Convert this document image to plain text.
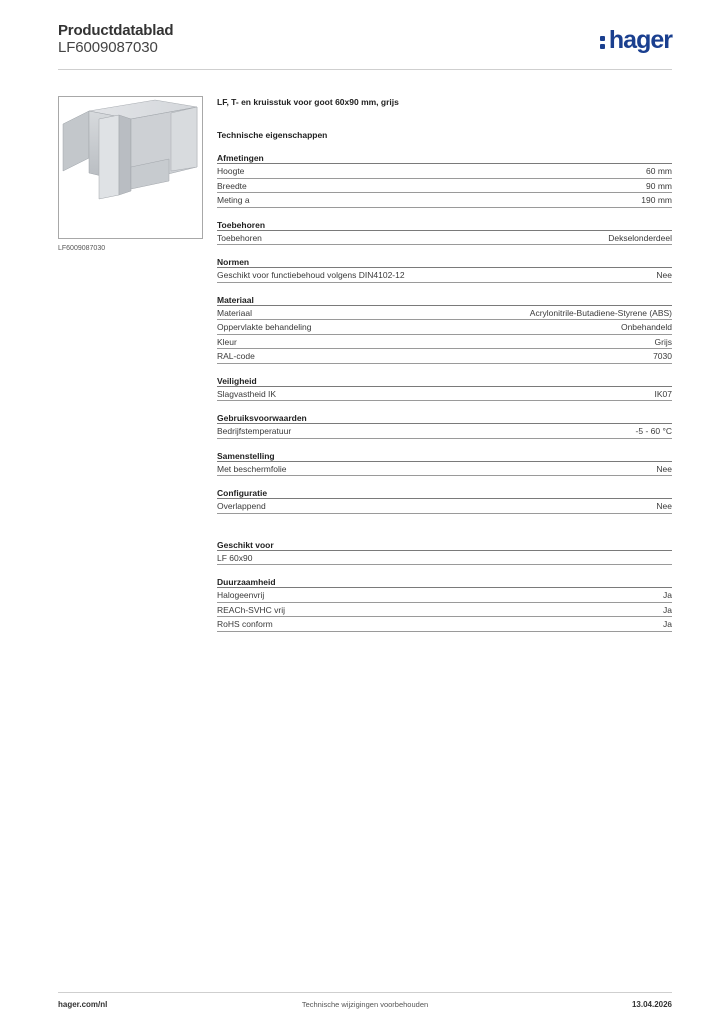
Productdatablad
LF6009087030	hager
LF6009087030
LF, T- en kruisstuk voor goot 60x90 mm, grijs
Technische eigenschappen
Afmetingen
Hoogte	60 mm
Breedte	90 mm
Meting a	190 mm
Toebehoren
Toebehoren	Dekselonderdeel
Normen
Geschikt voor functiebehoud volgens DIN4102-12	Nee
Materiaal
Materiaal	Acrylonitrile-Butadiene-Styrene (ABS)
Oppervlakte behandeling	Onbehandeld
Kleur	Grijs
RAL-code	7030
Veiligheid
Slagvastheid IK	IK07
Gebruiksvoorwaarden
Bedrijfstemperatuur	-5 - 60 °C
Samenstelling
Met beschermfolie	Nee
Configuratie
Overlappend	Nee
Geschikt voor
LF 60x90
Duurzaamheid
Halogeenvrij	Ja
REACh-SVHC vrij	Ja
RoHS conform	Ja
hager.com/nl	Technische wijzigingen voorbehouden	13.04.2026
